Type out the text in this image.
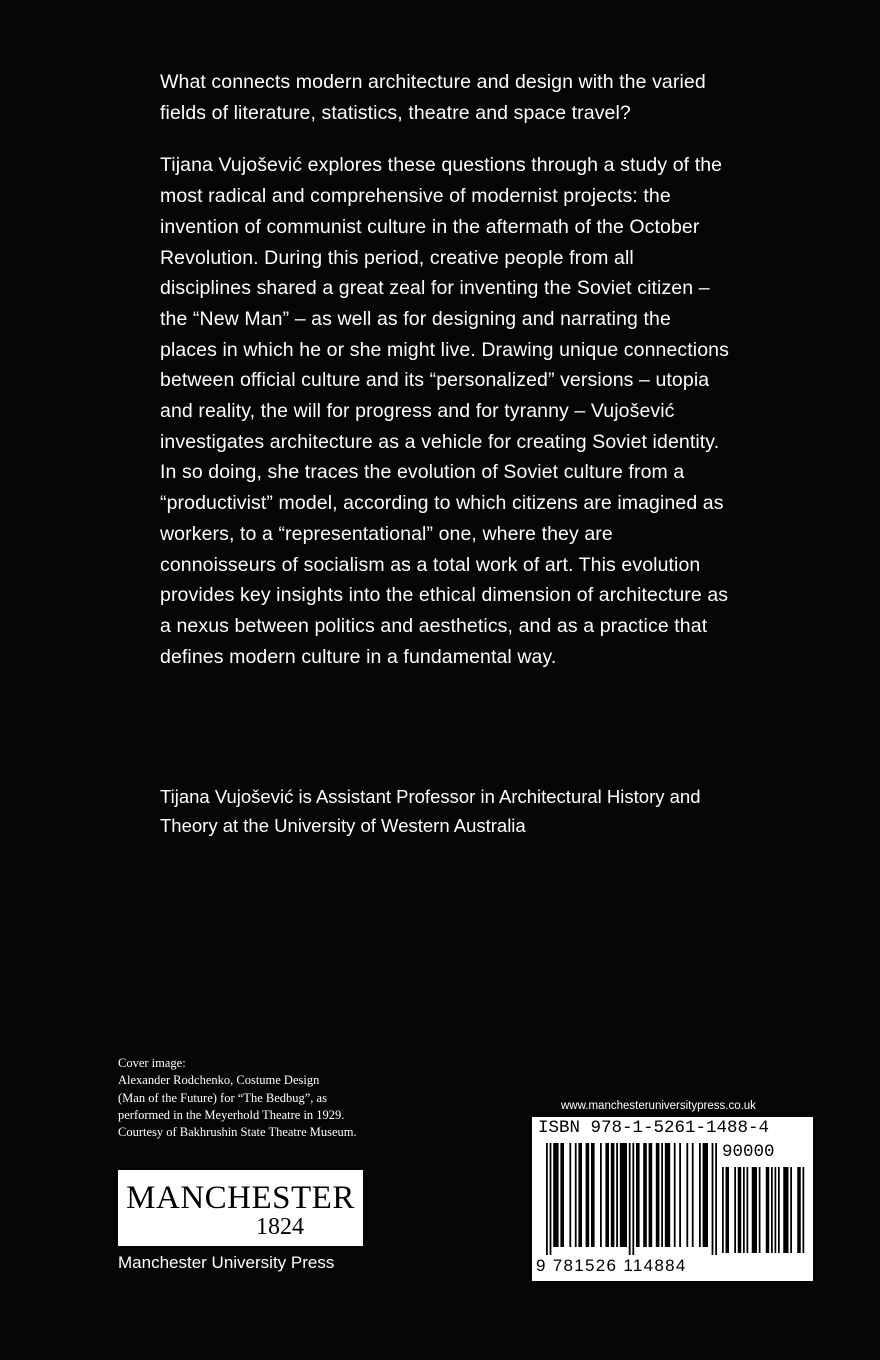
What connects modern architecture and design with the varied fields of literature, statistics, theatre and space travel?

Tijana Vujošević explores these questions through a study of the most radical and comprehensive of modernist projects: the invention of communist culture in the aftermath of the October Revolution. During this period, creative people from all disciplines shared a great zeal for inventing the Soviet citizen – the “New Man” – as well as for designing and narrating the places in which he or she might live. Drawing unique connections between official culture and its “personalized” versions – utopia and reality, the will for progress and for tyranny – Vujošević investigates architecture as a vehicle for creating Soviet identity. In so doing, she traces the evolution of Soviet culture from a “productivist” model, according to which citizens are imagined as workers, to a “representational” one, where they are connoisseurs of socialism as a total work of art. This evolution provides key insights into the ethical dimension of architecture as a nexus between politics and aesthetics, and as a practice that defines modern culture in a fundamental way.

Tijana Vujošević is Assistant Professor in Architectural History and Theory at the University of Western Australia
Cover image:
Alexander Rodchenko, Costume Design
(Man of the Future) for “The Bedbug”, as
performed in the Meyerhold Theatre in 1929.
Courtesy of Bakhrushin State Theatre Museum.
MANCHESTER
1824
Manchester University Press
www.manchesteruniversitypress.co.uk
ISBN 978-1-5261-1488-4
90000
9 781526 114884
